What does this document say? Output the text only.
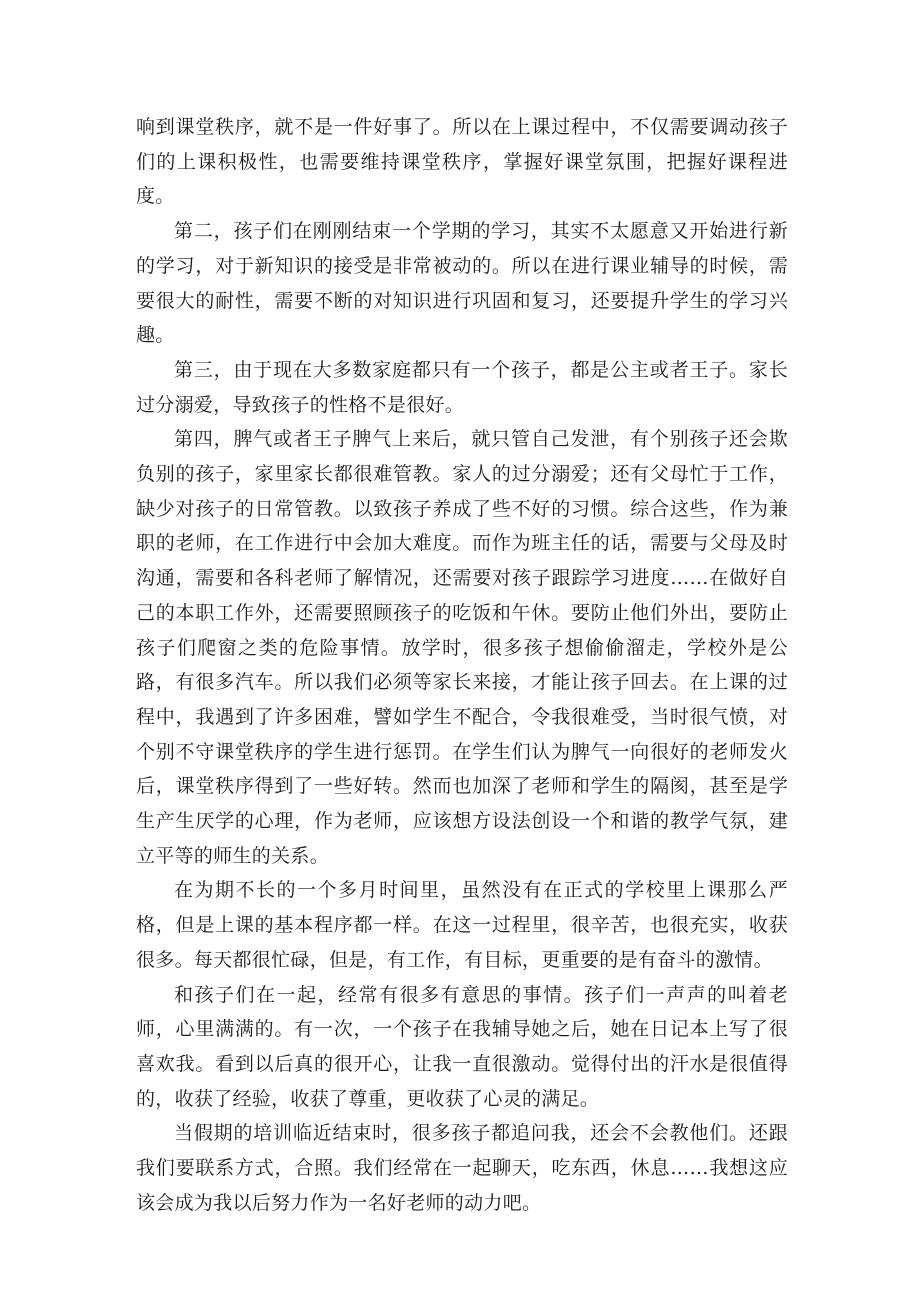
响到课堂秩序，就不是一件好事了。所以在上课过程中，不仅需要调动孩子们的上课积极性，也需要维持课堂秩序，掌握好课堂氛围，把握好课程进度。

第二，孩子们在刚刚结束一个学期的学习，其实不太愿意又开始进行新的学习，对于新知识的接受是非常被动的。所以在进行课业辅导的时候，需要很大的耐性，需要不断的对知识进行巩固和复习，还要提升学生的学习兴趣。

第三，由于现在大多数家庭都只有一个孩子，都是公主或者王子。家长过分溺爱，导致孩子的性格不是很好。

第四，脾气或者王子脾气上来后，就只管自己发泄，有个别孩子还会欺负别的孩子，家里家长都很难管教。家人的过分溺爱；还有父母忙于工作，缺少对孩子的日常管教。以致孩子养成了些不好的习惯。综合这些，作为兼职的老师，在工作进行中会加大难度。而作为班主任的话，需要与父母及时沟通，需要和各科老师了解情况，还需要对孩子跟踪学习进度……在做好自己的本职工作外，还需要照顾孩子的吃饭和午休。要防止他们外出，要防止孩子们爬窗之类的危险事情。放学时，很多孩子想偷偷溜走，学校外是公路，有很多汽车。所以我们必须等家长来接，才能让孩子回去。在上课的过程中，我遇到了许多困难，譬如学生不配合，令我很难受，当时很气愤，对个别不守课堂秩序的学生进行惩罚。在学生们认为脾气一向很好的老师发火后，课堂秩序得到了一些好转。然而也加深了老师和学生的隔阂，甚至是学生产生厌学的心理，作为老师，应该想方设法创设一个和谐的教学气氛，建立平等的师生的关系。

在为期不长的一个多月时间里，虽然没有在正式的学校里上课那么严格，但是上课的基本程序都一样。在这一过程里，很辛苦，也很充实，收获很多。每天都很忙碌，但是，有工作，有目标，更重要的是有奋斗的激情。

和孩子们在一起，经常有很多有意思的事情。孩子们一声声的叫着老师，心里满满的。有一次，一个孩子在我辅导她之后，她在日记本上写了很喜欢我。看到以后真的很开心，让我一直很激动。觉得付出的汗水是很值得的，收获了经验，收获了尊重，更收获了心灵的满足。

当假期的培训临近结束时，很多孩子都追问我，还会不会教他们。还跟我们要联系方式，合照。我们经常在一起聊天，吃东西，休息……我想这应该会成为我以后努力作为一名好老师的动力吧。
